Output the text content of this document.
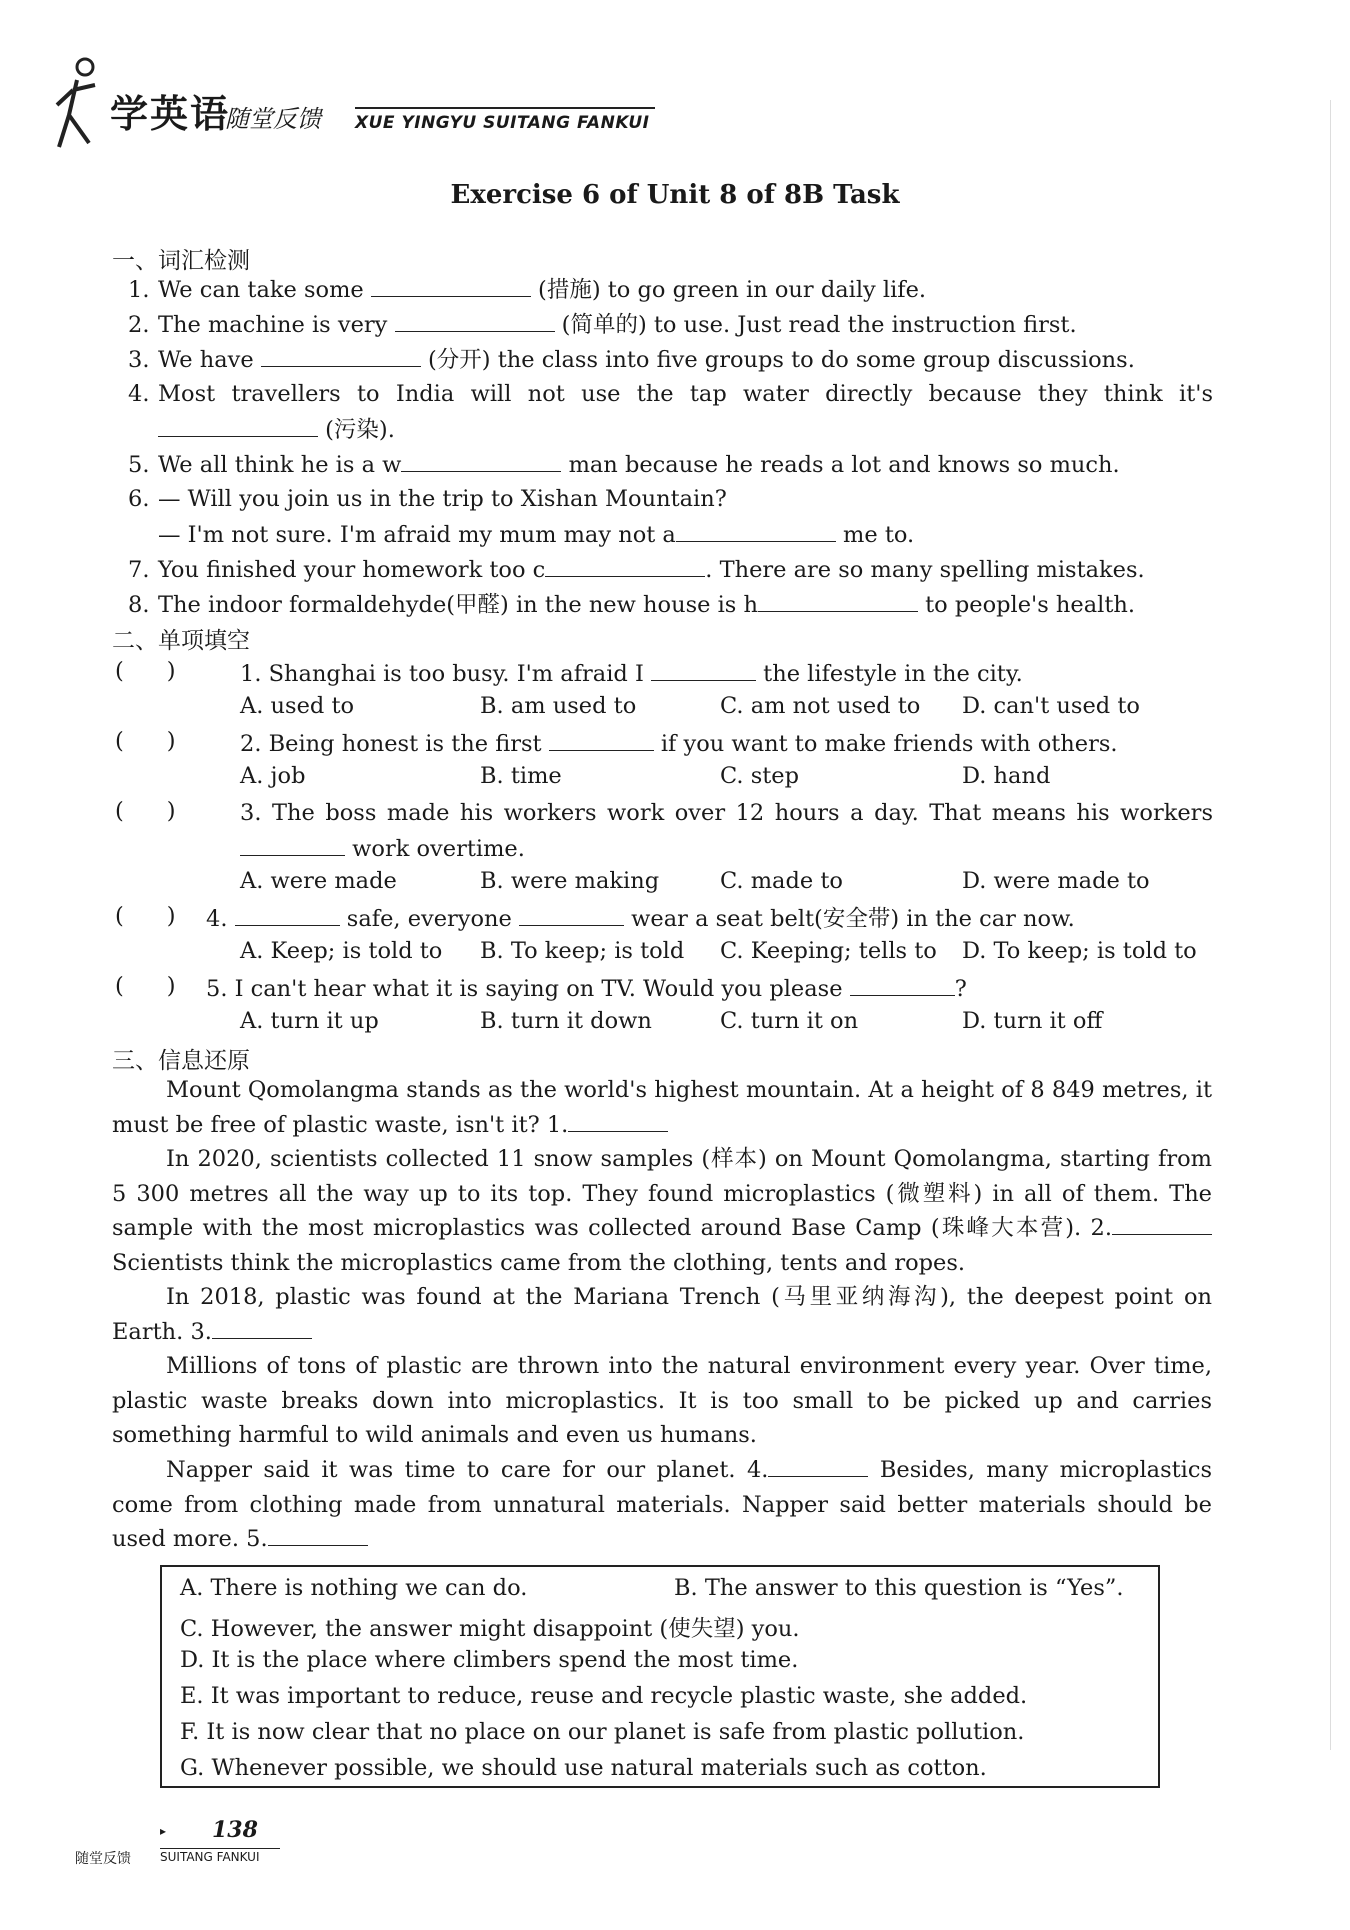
学英语
随堂反馈 XUE YINGYU SUITANG FANKUI
Exercise 6 of Unit 8 of 8B Task
一、词汇检测
1. We can take some	(措施) to go green in our daily life.
2. The machine is very	(简单的) to use. Just read the instruction first.
3. We have	(分开) the class into five groups to do some group discussions.
4. Most travellers to India will not use the tap water directly because they think it's
(污染).
5. We all think he is a w	man because he reads a lot and knows so much.
6. — Will you join us in the trip to Xishan Mountain?
— I'm not sure. I'm afraid my mum may not a	me to.
7. You finished your homework too c	. There are so many spelling mistakes.
8. The indoor formaldehyde(甲醛) in the new house is h	to people's health.
二、单项填空
(      )	1. Shanghai is too busy. I'm afraid I	the lifestyle in the city.
A. used to	B. am used to	C. am not used to D. can't used to
(      )	2. Being honest is the first	if you want to make friends with others.
A. job	B. time	C. step	D. hand
(      )	3. The boss made his workers work over 12 hours a day. That means his workers
work overtime.
A. were made	B. were making	C. made to	D. were made to
(      ) 4.	safe, everyone	wear a seat belt(安全带) in the car now.
A. Keep; is told to B. To keep; is told C. Keeping; tells to D. To keep; is told to
(      ) 5. I can't hear what it is saying on TV. Would you please	?
A. turn it up	B. turn it down	C. turn it on	D. turn it off
三、信息还原
Mount Qomolangma stands as the world's highest mountain. At a height of 8 849 metres, it must be free of plastic waste, isn't it? 1.
In 2020, scientists collected 11 snow samples (样本) on Mount Qomolangma, starting from 5 300 metres all the way up to its top. They found microplastics (微塑料) in all of them. The sample with the most microplastics was collected around Base Camp (珠峰大本营). 2. Scientists think the microplastics came from the clothing, tents and ropes.
In 2018, plastic was found at the Mariana Trench (马里亚纳海沟), the deepest point on Earth. 3.
Millions of tons of plastic are thrown into the natural environment every year. Over time, plastic waste breaks down into microplastics. It is too small to be picked up and carries something harmful to wild animals and even us humans.
Napper said it was time to care for our planet. 4.	Besides, many microplastics come from clothing made from unnatural materials. Napper said better materials should be used more. 5.
A. There is nothing we can do.	B. The answer to this question is “Yes”.
C. However, the answer might disappoint (使失望) you.
D. It is the place where climbers spend the most time.
E. It was important to reduce, reuse and recycle plastic waste, she added.
F. It is now clear that no place on our planet is safe from plastic pollution.
G. Whenever possible, we should use natural materials such as cotton.
▸ 138
随堂反馈 SUITANG FANKUI
